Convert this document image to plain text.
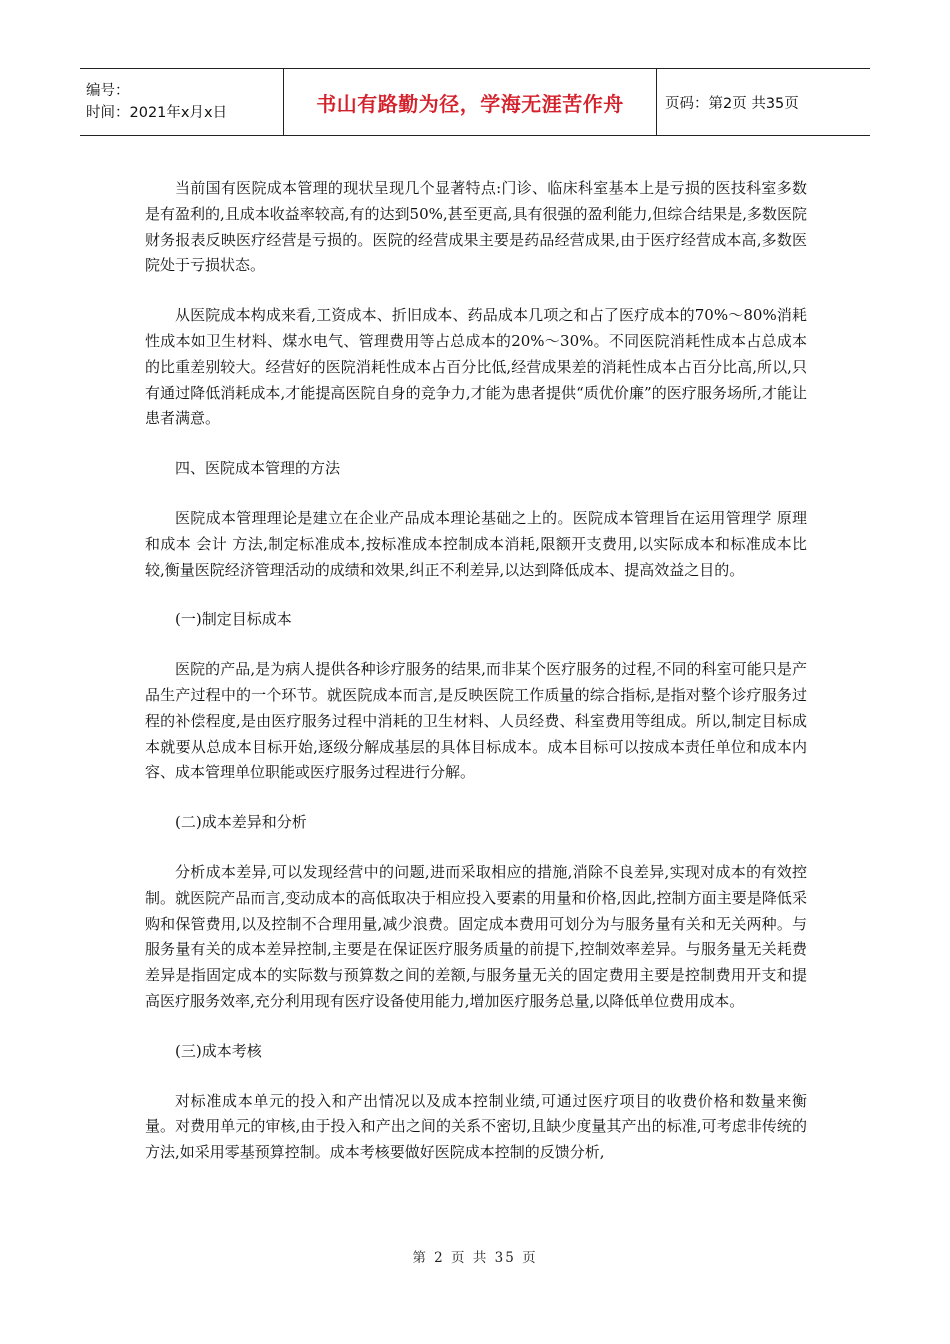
编号：
时间：2021年x月x日	书山有路勤为径，学海无涯苦作舟	页码：第2页 共35页

当前国有医院成本管理的现状呈现几个显著特点:门诊、临床科室基本上是亏损的医技科室多数是有盈利的,且成本收益率较高,有的达到50%,甚至更高,具有很强的盈利能力,但综合结果是,多数医院财务报表反映医疗经营是亏损的。医院的经营成果主要是药品经营成果,由于医疗经营成本高,多数医院处于亏损状态。

从医院成本构成来看,工资成本、折旧成本、药品成本几项之和占了医疗成本的70%～80%消耗性成本如卫生材料、煤水电气、管理费用等占总成本的20%～30%。不同医院消耗性成本占总成本的比重差别较大。经营好的医院消耗性成本占百分比低,经营成果差的消耗性成本占百分比高,所以,只有通过降低消耗成本,才能提高医院自身的竞争力,才能为患者提供“质优价廉”的医疗服务场所,才能让患者满意。

四、医院成本管理的方法

医院成本管理理论是建立在企业产品成本理论基础之上的。医院成本管理旨在运用管理学 原理和成本 会计 方法,制定标准成本,按标准成本控制成本消耗,限额开支费用,以实际成本和标准成本比较,衡量医院经济管理活动的成绩和效果,纠正不利差异,以达到降低成本、提高效益之目的。

(一)制定目标成本

医院的产品,是为病人提供各种诊疗服务的结果,而非某个医疗服务的过程,不同的科室可能只是产品生产过程中的一个环节。就医院成本而言,是反映医院工作质量的综合指标,是指对整个诊疗服务过程的补偿程度,是由医疗服务过程中消耗的卫生材料、人员经费、科室费用等组成。所以,制定目标成本就要从总成本目标开始,逐级分解成基层的具体目标成本。成本目标可以按成本责任单位和成本内容、成本管理单位职能或医疗服务过程进行分解。

(二)成本差异和分析

分析成本差异,可以发现经营中的问题,进而采取相应的措施,消除不良差异,实现对成本的有效控制。就医院产品而言,变动成本的高低取决于相应投入要素的用量和价格,因此,控制方面主要是降低采购和保管费用,以及控制不合理用量,减少浪费。固定成本费用可划分为与服务量有关和无关两种。与服务量有关的成本差异控制,主要是在保证医疗服务质量的前提下,控制效率差异。与服务量无关耗费差异是指固定成本的实际数与预算数之间的差额,与服务量无关的固定费用主要是控制费用开支和提高医疗服务效率,充分利用现有医疗设备使用能力,增加医疗服务总量,以降低单位费用成本。

(三)成本考核

对标准成本单元的投入和产出情况以及成本控制业绩,可通过医疗项目的收费价格和数量来衡量。对费用单元的审核,由于投入和产出之间的关系不密切,且缺少度量其产出的标准,可考虑非传统的方法,如采用零基预算控制。成本考核要做好医院成本控制的反馈分析,

第 2 页 共 35 页
